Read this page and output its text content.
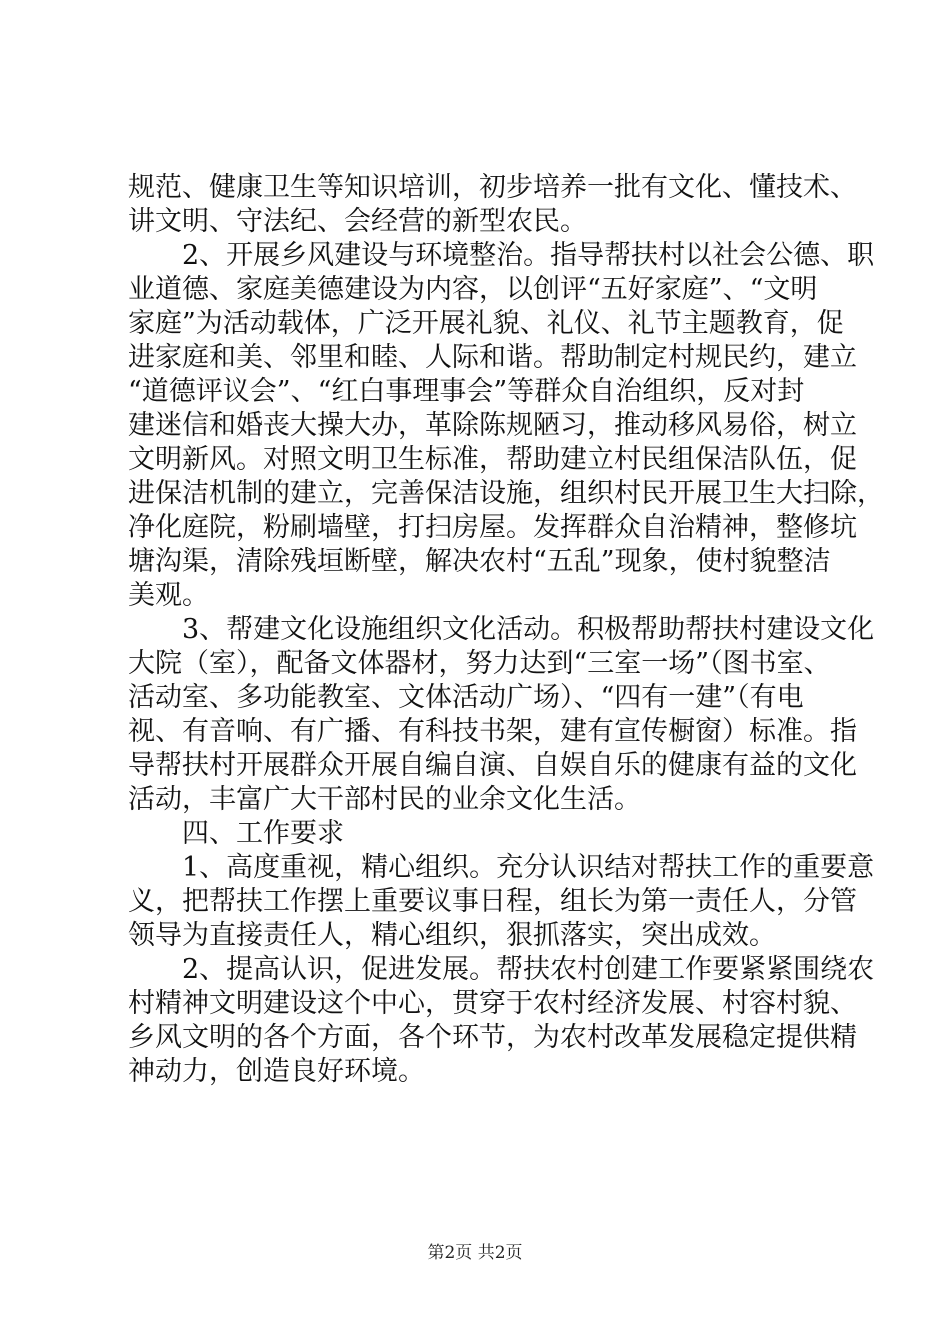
规范、健康卫生等知识培训，初步培养一批有文化、懂技术、
讲文明、守法纪、会经营的新型农民。
2、开展乡风建设与环境整治。指导帮扶村以社会公德、职
业道德、家庭美德建设为内容，以创评“五好家庭”、“文明
家庭”为活动载体，广泛开展礼貌、礼仪、礼节主题教育，促
进家庭和美、邻里和睦、人际和谐。帮助制定村规民约，建立
“道德评议会”、“红白事理事会”等群众自治组织，反对封
建迷信和婚丧大操大办，革除陈规陋习，推动移风易俗，树立
文明新风。对照文明卫生标准，帮助建立村民组保洁队伍，促
进保洁机制的建立，完善保洁设施，组织村民开展卫生大扫除，
净化庭院，粉刷墙壁，打扫房屋。发挥群众自治精神，整修坑
塘沟渠，清除残垣断壁，解决农村“五乱”现象，使村貌整洁
美观。
3、帮建文化设施组织文化活动。积极帮助帮扶村建设文化
大院（室），配备文体器材，努力达到“三室一场”（图书室、
活动室、多功能教室、文体活动广场）、“四有一建”（有电
视、有音响、有广播、有科技书架，建有宣传橱窗）标准。指
导帮扶村开展群众开展自编自演、自娱自乐的健康有益的文化
活动，丰富广大干部村民的业余文化生活。
四、工作要求
1、高度重视，精心组织。充分认识结对帮扶工作的重要意
义，把帮扶工作摆上重要议事日程，组长为第一责任人，分管
领导为直接责任人，精心组织，狠抓落实，突出成效。
2、提高认识，促进发展。帮扶农村创建工作要紧紧围绕农
村精神文明建设这个中心，贯穿于农村经济发展、村容村貌、
乡风文明的各个方面，各个环节，为农村改革发展稳定提供精
神动力，创造良好环境。
第2页 共2页
